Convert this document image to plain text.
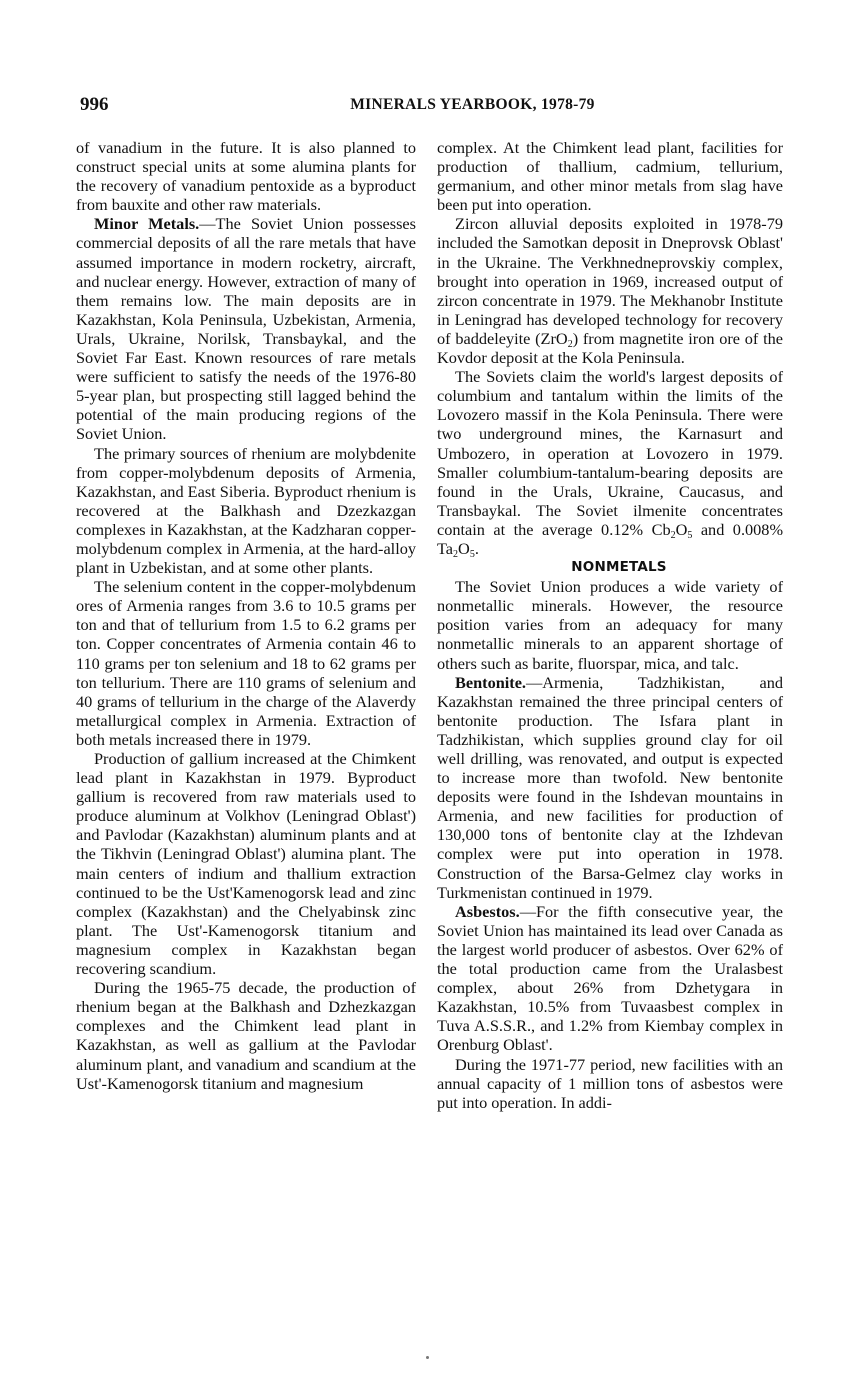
996	MINERALS YEARBOOK, 1978-79

of vanadium in the future. It is also planned to construct special units at some alumina plants for the recovery of vanadium pentoxide as a byproduct from bauxite and other raw materials.

Minor Metals.—The Soviet Union possesses commercial deposits of all the rare metals that have assumed importance in modern rocketry, aircraft, and nuclear energy. However, extraction of many of them remains low. The main deposits are in Kazakhstan, Kola Peninsula, Uzbekistan, Armenia, Urals, Ukraine, Norilsk, Transbaykal, and the Soviet Far East. Known resources of rare metals were sufficient to satisfy the needs of the 1976-80 5-year plan, but prospecting still lagged behind the potential of the main producing regions of the Soviet Union.

The primary sources of rhenium are molybdenite from copper-molybdenum deposits of Armenia, Kazakhstan, and East Siberia. Byproduct rhenium is recovered at the Balkhash and Dzezkazgan complexes in Kazakhstan, at the Kadzharan copper-molybdenum complex in Armenia, at the hard-alloy plant in Uzbekistan, and at some other plants.

The selenium content in the copper-molybdenum ores of Armenia ranges from 3.6 to 10.5 grams per ton and that of tellurium from 1.5 to 6.2 grams per ton. Copper concentrates of Armenia contain 46 to 110 grams per ton selenium and 18 to 62 grams per ton tellurium. There are 110 grams of selenium and 40 grams of tellurium in the charge of the Alaverdy metallurgical complex in Armenia. Extraction of both metals increased there in 1979.

Production of gallium increased at the Chimkent lead plant in Kazakhstan in 1979. Byproduct gallium is recovered from raw materials used to produce aluminum at Volkhov (Leningrad Oblast') and Pavlodar (Kazakhstan) aluminum plants and at the Tikhvin (Leningrad Oblast') alumina plant. The main centers of indium and thallium extraction continued to be the Ust'Kamenogorsk lead and zinc complex (Kazakhstan) and the Chelyabinsk zinc plant. The Ust'-Kamenogorsk titanium and magnesium complex in Kazakhstan began recovering scandium.

During the 1965-75 decade, the production of rhenium began at the Balkhash and Dzhezkazgan complexes and the Chimkent lead plant in Kazakhstan, as well as gallium at the Pavlodar aluminum plant, and vanadium and scandium at the Ust'-Kamenogorsk titanium and magnesium

complex. At the Chimkent lead plant, facilities for production of thallium, cadmium, tellurium, germanium, and other minor metals from slag have been put into operation.

Zircon alluvial deposits exploited in 1978-79 included the Samotkan deposit in Dneprovsk Oblast' in the Ukraine. The Verkhnedneprovskiy complex, brought into operation in 1969, increased output of zircon concentrate in 1979. The Mekhanobr Institute in Leningrad has developed technology for recovery of baddeleyite (ZrO$_2$) from magnetite iron ore of the Kovdor deposit at the Kola Peninsula.

The Soviets claim the world's largest deposits of columbium and tantalum within the limits of the Lovozero massif in the Kola Peninsula. There were two underground mines, the Karnasurt and Umbozero, in operation at Lovozero in 1979. Smaller columbium-tantalum-bearing deposits are found in the Urals, Ukraine, Caucasus, and Transbaykal. The Soviet ilmenite concentrates contain at the average 0.12% $Cb_2O_5$ and 0.008% $Ta_2O_5$.

NONMETALS

The Soviet Union produces a wide variety of nonmetallic minerals. However, the resource position varies from an adequacy for many nonmetallic minerals to an apparent shortage of others such as barite, fluorspar, mica, and talc.

Bentonite.—Armenia, Tadzhikistan, and Kazakhstan remained the three principal centers of bentonite production. The Isfara plant in Tadzhikistan, which supplies ground clay for oil well drilling, was renovated, and output is expected to increase more than twofold. New bentonite deposits were found in the Ishdevan mountains in Armenia, and new facilities for production of 130,000 tons of bentonite clay at the Izhdevan complex were put into operation in 1978. Construction of the Barsa-Gelmez clay works in Turkmenistan continued in 1979.

Asbestos.—For the fifth consecutive year, the Soviet Union has maintained its lead over Canada as the largest world producer of asbestos. Over 62% of the total production came from the Uralasbest complex, about 26% from Dzhetygara in Kazakhstan, 10.5% from Tuvaasbest complex in Tuva A.S.S.R., and 1.2% from Kiembay complex in Orenburg Oblast'.

During the 1971-77 period, new facilities with an annual capacity of 1 million tons of asbestos were put into operation. In addi-
